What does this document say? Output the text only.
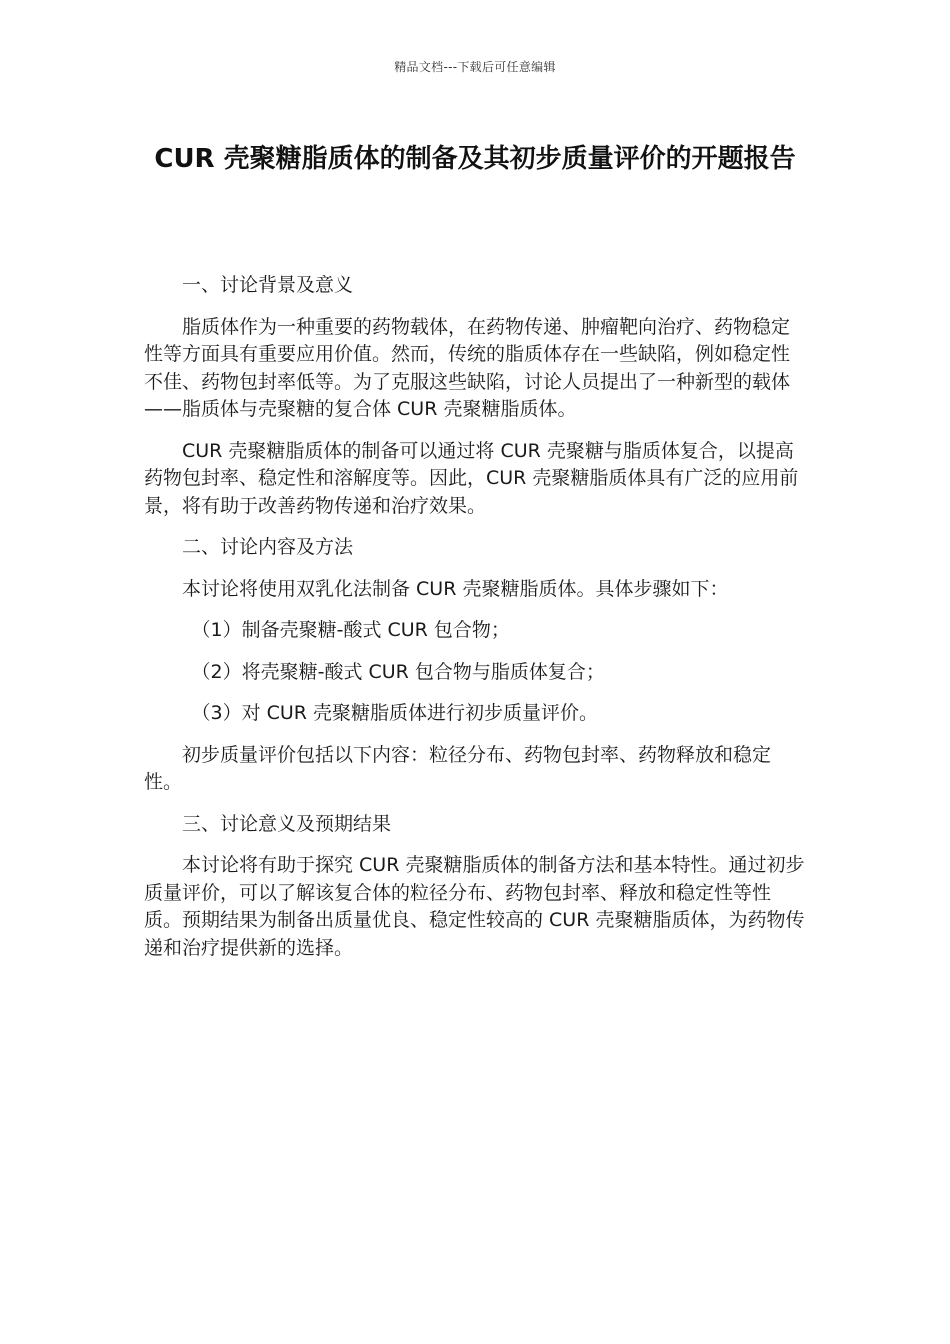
精品文档---下载后可任意编辑
CUR 壳聚糖脂质体的制备及其初步质量评价的开题报告

一、讨论背景及意义

脂质体作为一种重要的药物载体，在药物传递、肿瘤靶向治疗、药物稳定性等方面具有重要应用价值。然而，传统的脂质体存在一些缺陷，例如稳定性不佳、药物包封率低等。为了克服这些缺陷，讨论人员提出了一种新型的载体——脂质体与壳聚糖的复合体 CUR 壳聚糖脂质体。

CUR 壳聚糖脂质体的制备可以通过将 CUR 壳聚糖与脂质体复合，以提高药物包封率、稳定性和溶解度等。因此，CUR 壳聚糖脂质体具有广泛的应用前景，将有助于改善药物传递和治疗效果。

二、讨论内容及方法

本讨论将使用双乳化法制备 CUR 壳聚糖脂质体。具体步骤如下：

（1）制备壳聚糖-酸式 CUR 包合物；

（2）将壳聚糖-酸式 CUR 包合物与脂质体复合；

（3）对 CUR 壳聚糖脂质体进行初步质量评价。

初步质量评价包括以下内容：粒径分布、药物包封率、药物释放和稳定性。

三、讨论意义及预期结果

本讨论将有助于探究 CUR 壳聚糖脂质体的制备方法和基本特性。通过初步质量评价，可以了解该复合体的粒径分布、药物包封率、释放和稳定性等性质。预期结果为制备出质量优良、稳定性较高的 CUR 壳聚糖脂质体，为药物传递和治疗提供新的选择。
